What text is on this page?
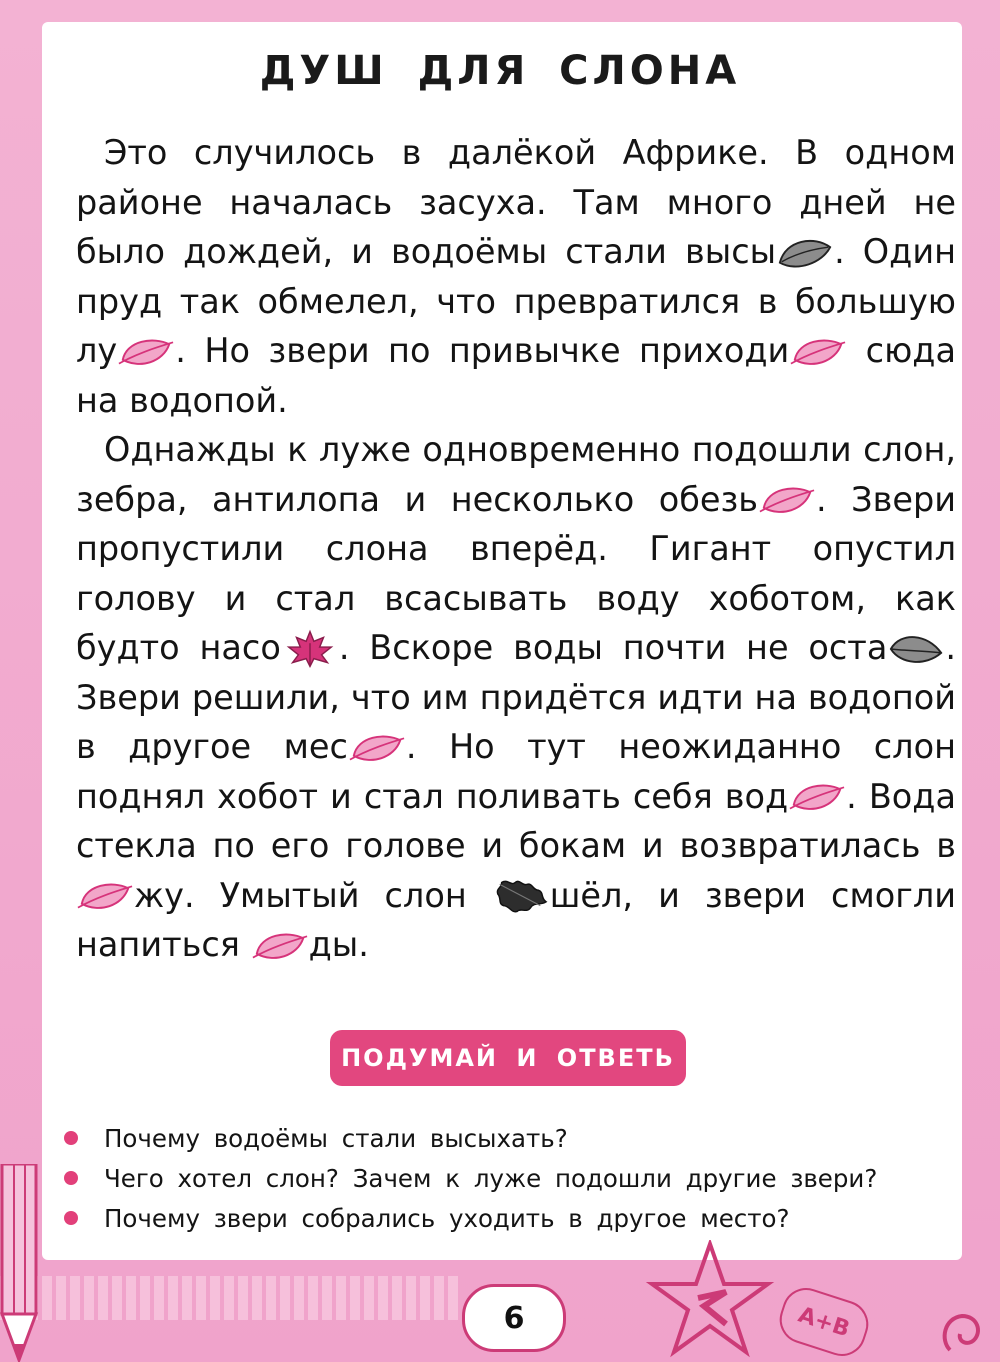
ДУШ ДЛЯ СЛОНА

Это случилось в далёкой Африке. В одном районе началась засуха. Там много дней не было дождей, и водоёмы стали высы . Один пруд так обмелел, что превратился в большую лу . Но звери по привычке приходи
сюда на водопой.

Однажды к луже одновременно подошли слон, зебра, антилопа и несколько обезь . Звери пропустили слона вперёд. Гигант опустил голову и стал всасывать воду хоботом, как будто насо . Вскоре воды почти не оста . Звери решили, что им придётся идти на водопой в другое мес . Но тут неожиданно слон поднял хобот и стал поливать себя вод . Вода стекла по его голове и бокам и возвратилась в
жу. Умытый слон
шёл, и звери смогли напиться
ды.

ПОДУМАЙ И ОТВЕТЬ
Почему водоёмы стали высыхать?
Чего хотел слон? Зачем к луже подошли другие звери?
Почему звери собрались уходить в другое место?
6	A+B
